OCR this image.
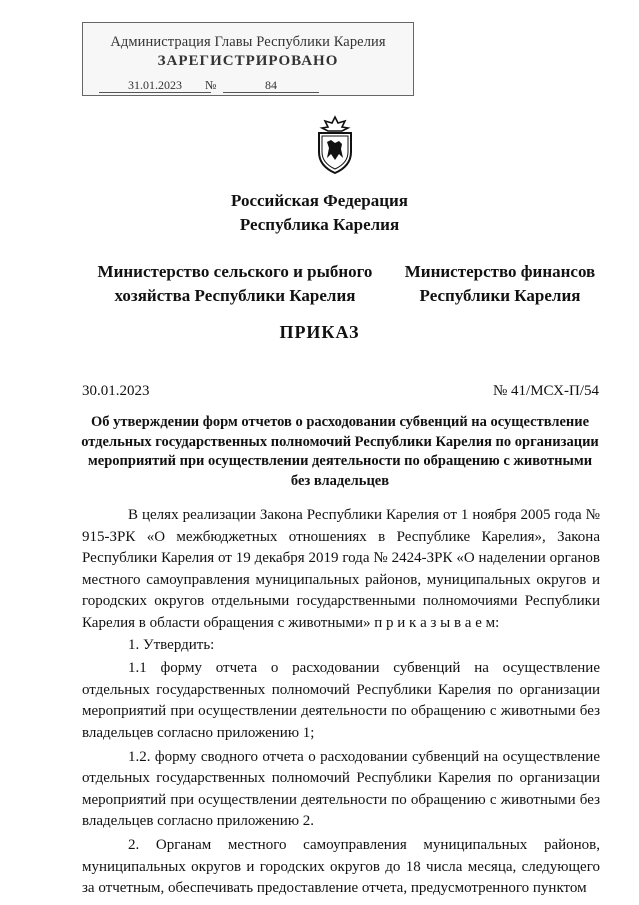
Администрация Главы Республики Карелия
ЗАРЕГИСТРИРОВАНО
31.01.2023	№	84
Российская Федерация
Республика Карелия
Министерство сельского и рыбного
хозяйства Республики Карелия
Министерство финансов
Республики Карелия
ПРИКАЗ
30.01.2023	№ 41/МСХ-П/54
Об утверждении форм отчетов о расходовании субвенций на осуществление отдельных государственных полномочий Республики Карелия по организации мероприятий при осуществлении деятельности по обращению с животными без владельцев

В целях реализации Закона Республики Карелия от 1 ноября 2005 года № 915-ЗРК «О межбюджетных отношениях в Республике Карелия», Закона Республики Карелия от 19 декабря 2019 года № 2424-ЗРК «О наделении органов местного самоуправления муниципальных районов, муниципальных округов и городских округов отдельными государственными полномочиями Республики Карелия в области обращения с животными» п р и к а з ы в а е м:

1. Утвердить:

1.1 форму отчета о расходовании субвенций на осуществление отдельных государственных полномочий Республики Карелия по организации мероприятий при осуществлении деятельности по обращению с животными без владельцев согласно приложению 1;

1.2. форму сводного отчета о расходовании субвенций на осуществление отдельных государственных полномочий Республики Карелия по организации мероприятий при осуществлении деятельности по обращению с животными без владельцев согласно приложению 2.

2. Органам местного самоуправления муниципальных районов, муниципальных округов и городских округов до 18 числа месяца, следующего за отчетным, обеспечивать предоставление отчета, предусмотренного пунктом
